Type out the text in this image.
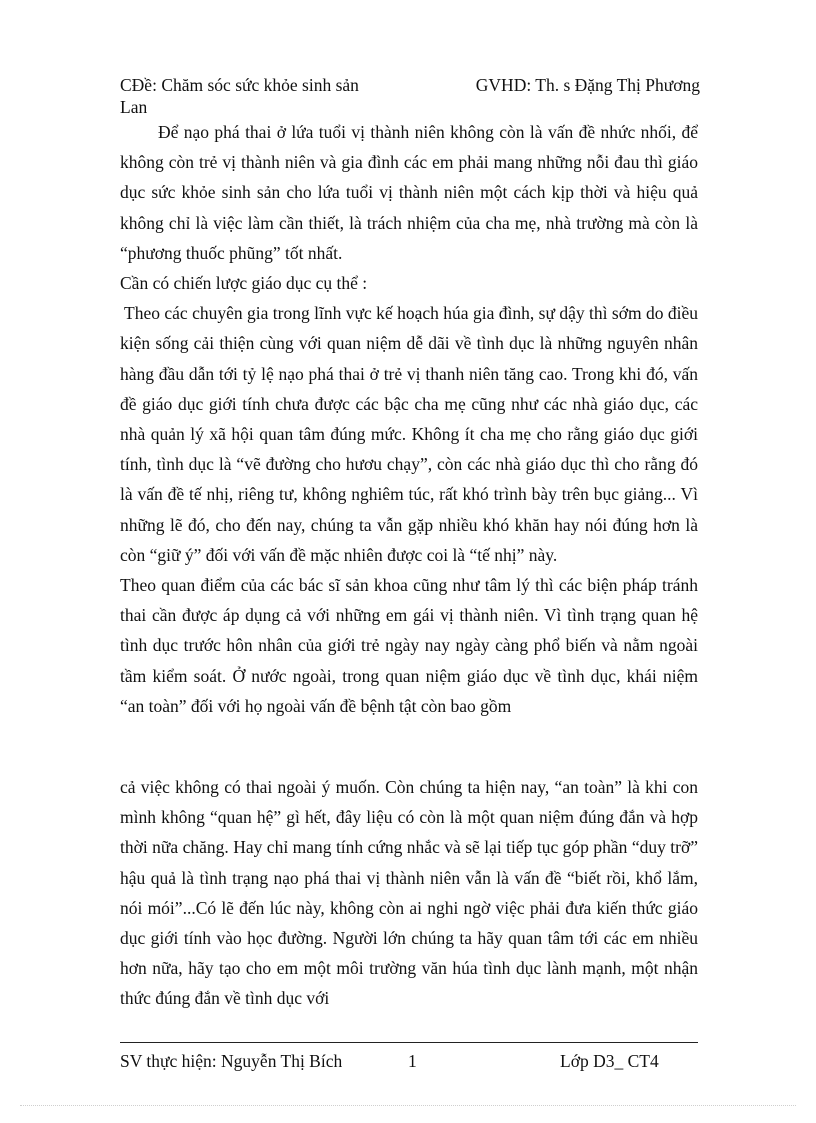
CĐề: Chăm sóc sức khỏe sinh sản	GVHD: Th. s Đặng Thị Phương
Lan

Để nạo phá thai ở lứa tuổi vị thành niên không còn là vấn đề nhức nhối, để không còn trẻ vị thành niên và gia đình các em phải mang những nỗi đau thì giáo dục sức khỏe sinh sản cho lứa tuổi vị thành niên một cách kịp thời và hiệu quả không chỉ là việc làm cần thiết, là trách nhiệm của cha mẹ, nhà trường mà còn là “phương thuốc phũng” tốt nhất.

Cần có chiến lược giáo dục cụ thể :

Theo các chuyên gia trong lĩnh vực kế hoạch húa gia đình, sự dậy thì sớm do điều kiện sống cải thiện cùng với quan niệm dễ dãi về tình dục là những nguyên nhân hàng đầu dẫn tới tỷ lệ nạo phá thai ở trẻ vị thanh niên tăng cao. Trong khi đó, vấn đề giáo dục giới tính chưa được các bậc cha mẹ cũng như các nhà giáo dục, các nhà quản lý xã hội quan tâm đúng mức. Không ít cha mẹ cho rằng giáo dục giới tính, tình dục là “vẽ đường cho hươu chạy”, còn các nhà giáo dục thì cho rằng đó là vấn đề tế nhị, riêng tư, không nghiêm túc, rất khó trình bày trên bục giảng... Vì những lẽ đó, cho đến nay, chúng ta vẫn gặp nhiều khó khăn hay nói đúng hơn là còn “giữ ý” đối với vấn đề mặc nhiên được coi là “tế nhị” này.

Theo quan điểm của các bác sĩ sản khoa cũng như tâm lý thì các biện pháp tránh thai cần được áp dụng cả với những em gái vị thành niên. Vì tình trạng quan hệ tình dục trước hôn nhân của giới trẻ ngày nay ngày càng phổ biến và nằm ngoài tầm kiểm soát. Ở nước ngoài, trong quan niệm giáo dục về tình dục, khái niệm “an toàn” đối với họ ngoài vấn đề bệnh tật còn bao gồm

cả việc không có thai ngoài ý muốn. Còn chúng ta hiện nay, “an toàn” là khi con mình không “quan hệ” gì hết, đây liệu có còn là một quan niệm đúng đắn và hợp thời nữa chăng. Hay chỉ mang tính cứng nhắc và sẽ lại tiếp tục góp phần “duy trỡ” hậu quả là tình trạng nạo phá thai vị thành niên vẫn là vấn đề “biết rồi, khổ lắm, nói mói”...Có lẽ đến lúc này, không còn ai nghi ngờ việc phải đưa kiến thức giáo dục giới tính vào học đường. Người lớn chúng ta hãy quan tâm tới các em nhiều hơn nữa, hãy tạo cho em một môi trường văn húa tình dục lành mạnh, một nhận thức đúng đắn về tình dục với

SV thực hiện: Nguyễn Thị Bích	1	Lớp D3_ CT4
